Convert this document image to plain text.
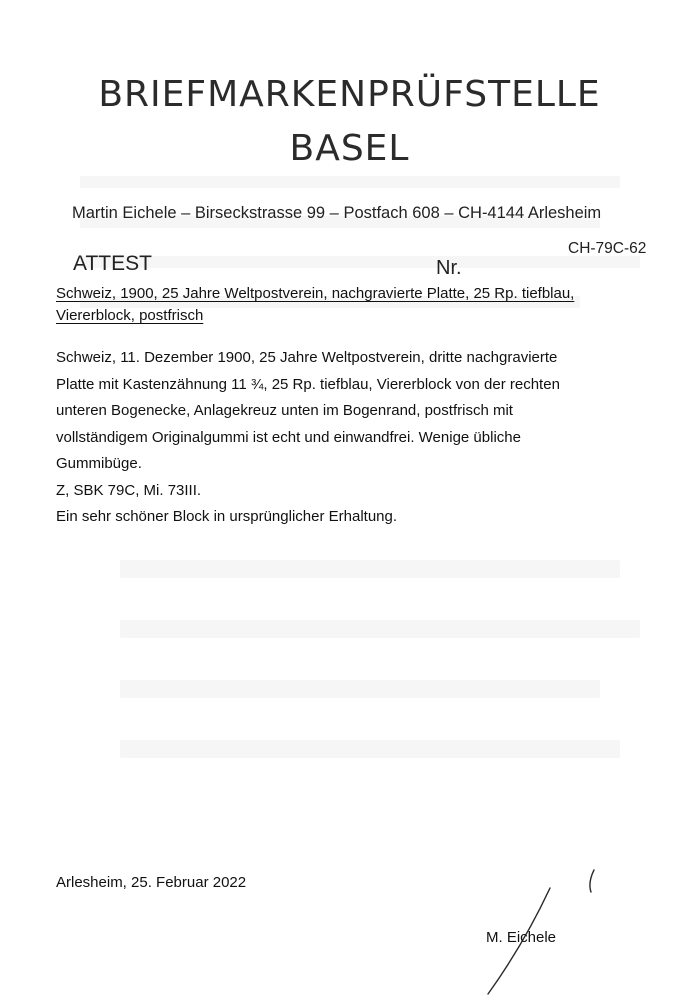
BRIEFMARKENPRÜFSTELLE
BASEL
Martin Eichele – Birseckstrasse 99 – Postfach 608 – CH-4144 Arlesheim
ATTEST	Nr.
CH-79C-62
Schweiz, 1900, 25 Jahre Weltpostverein, nachgravierte Platte, 25 Rp. tiefblau,
Viererblock, postfrisch

Schweiz, 11. Dezember 1900, 25 Jahre Weltpostverein, dritte nachgravierte

Platte mit Kastenzähnung 11 ¾, 25 Rp. tiefblau, Viererblock von der rechten

unteren Bogenecke, Anlagekreuz unten im Bogenrand, postfrisch mit

vollständigem Originalgummi ist echt und einwandfrei. Wenige übliche

Gummibüge.

Z, SBK 79C, Mi. 73III.

Ein sehr schöner Block in ursprünglicher Erhaltung.

Arlesheim, 25. Februar 2022
M. Eichele
